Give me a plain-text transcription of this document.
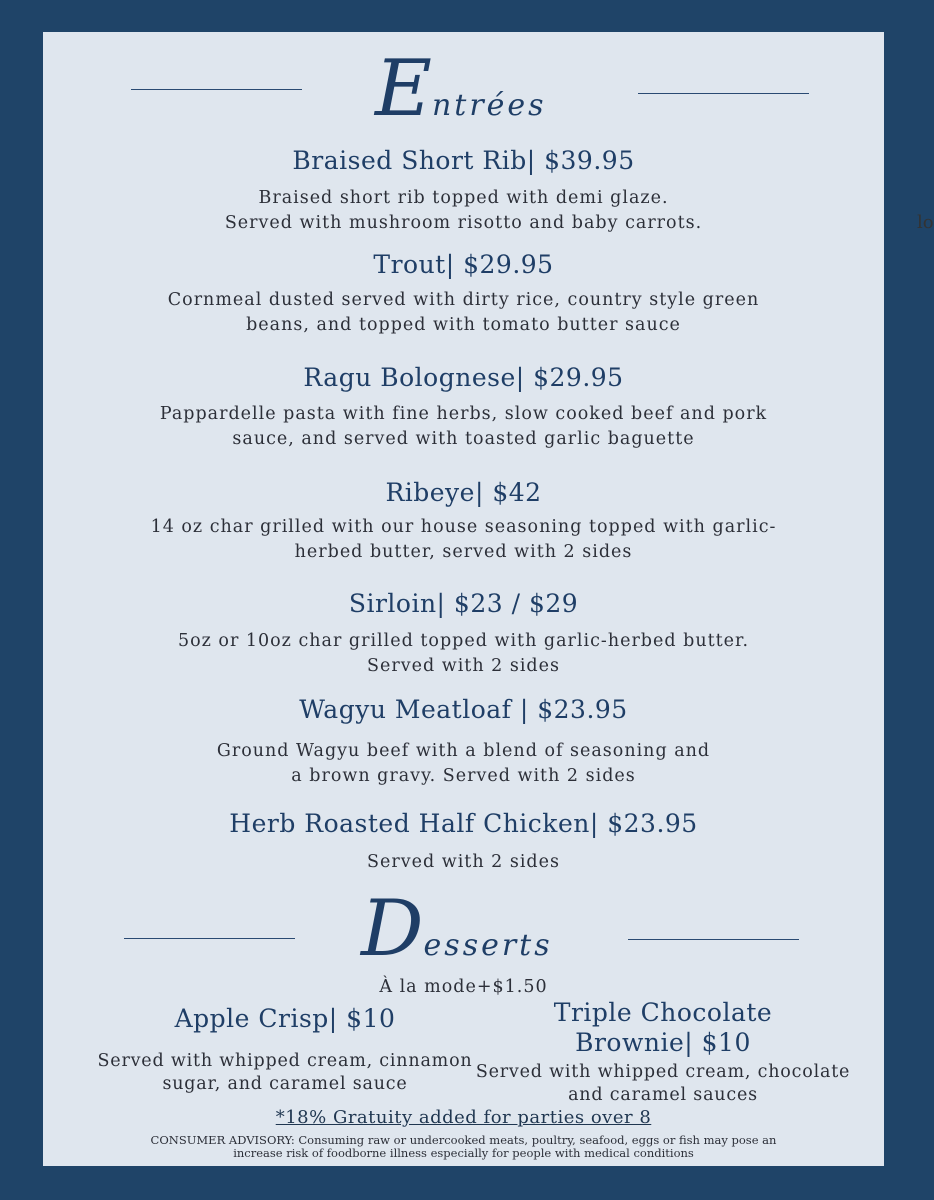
Entrées
Braised Short Rib| $39.95
Braised short rib topped with demi glaze.
Served with mushroom risotto and baby carrots.
Trout| $29.95
Cornmeal dusted served with dirty rice, country style green
beans, and topped with tomato butter sauce
Ragu Bolognese| $29.95
Pappardelle pasta with fine herbs, slow cooked beef and pork
sauce, and served with toasted garlic baguette
Ribeye| $42
14 oz char grilled with our house seasoning topped with garlic-
herbed butter, served with 2 sides
Sirloin| $23 / $29
5oz or 10oz char grilled topped with garlic-herbed butter.
Served with 2 sides
Wagyu Meatloaf | $23.95
Ground Wagyu beef with a blend of seasoning and
a brown gravy. Served with 2 sides
Herb Roasted Half Chicken| $23.95
Served with 2 sides
Desserts
À la mode+$1.50
Apple Crisp| $10
Served with whipped cream, cinnamon
sugar, and caramel sauce
Triple Chocolate
Brownie| $10
Served with whipped cream, chocolate
and caramel sauces
*18% Gratuity added for parties over 8
CONSUMER ADVISORY: Consuming raw or undercooked meats, poultry, seafood, eggs or fish may pose an
increase risk of foodborne illness especially for people with medical conditions
lo
